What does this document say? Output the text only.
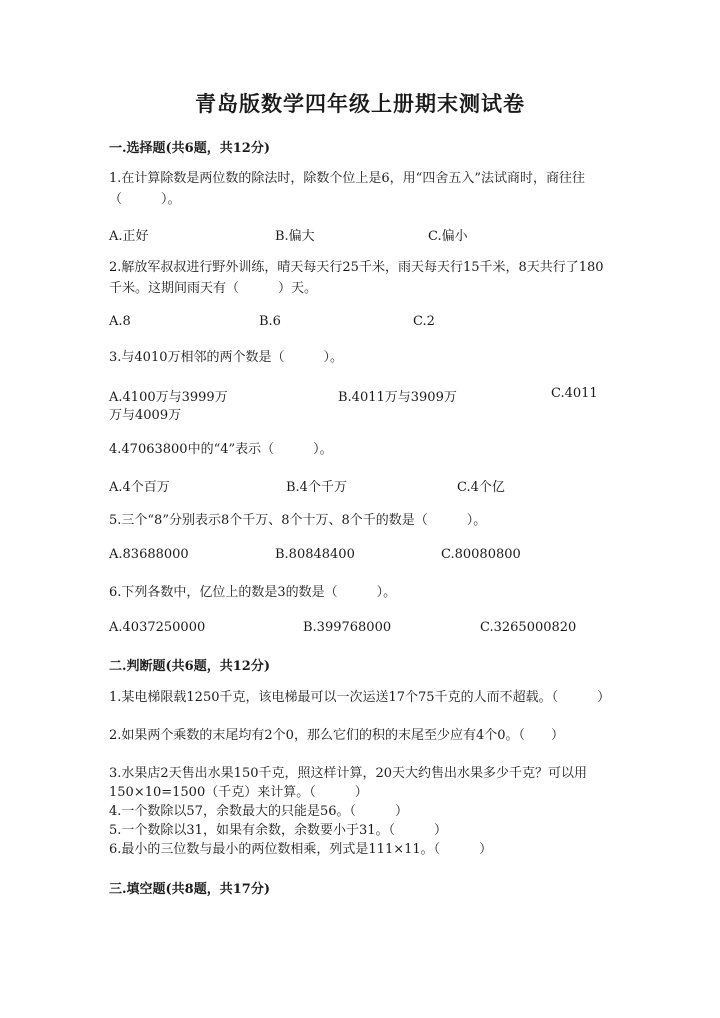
青岛版数学四年级上册期末测试卷
一.选择题(共6题，共12分)
1.在计算除数是两位数的除法时，除数个位上是6，用“四舍五入”法试商时，商往往（　　　）。
A.正好	B.偏大	C.偏小
2.解放军叔叔进行野外训练，晴天每天行25千米，雨天每天行15千米，8天共行了180千米。这期间雨天有（　　　）天。
A.8	B.6	C.2
3.与4010万相邻的两个数是（　　　）。
A.4100万与3999万	B.4011万与3909万	C.4011
万与4009万
4.47063800中的“4”表示（　　　）。
A.4个百万	B.4个千万	C.4个亿
5.三个“8”分别表示8个千万、8个十万、8个千的数是（　　　）。
A.83688000	B.80848400	C.80080800
6.下列各数中，亿位上的数是3的数是（　　　）。
A.4037250000	B.399768000	C.3265000820
二.判断题(共6题，共12分)
1.某电梯限载1250千克，该电梯最可以一次运送17个75千克的人而不超载。（　　　）
2.如果两个乘数的末尾均有2个0，那么它们的积的末尾至少应有4个0。（　　）
3.水果店2天售出水果150千克，照这样计算，20天大约售出水果多少千克？可以用150×10=1500（千克）来计算。（　　　）
4.一个数除以57，余数最大的只能是56。（　　　）
5.一个数除以31，如果有余数，余数要小于31。（　　　）
6.最小的三位数与最小的两位数相乘，列式是111×11。（　　　）
三.填空题(共8题，共17分)
